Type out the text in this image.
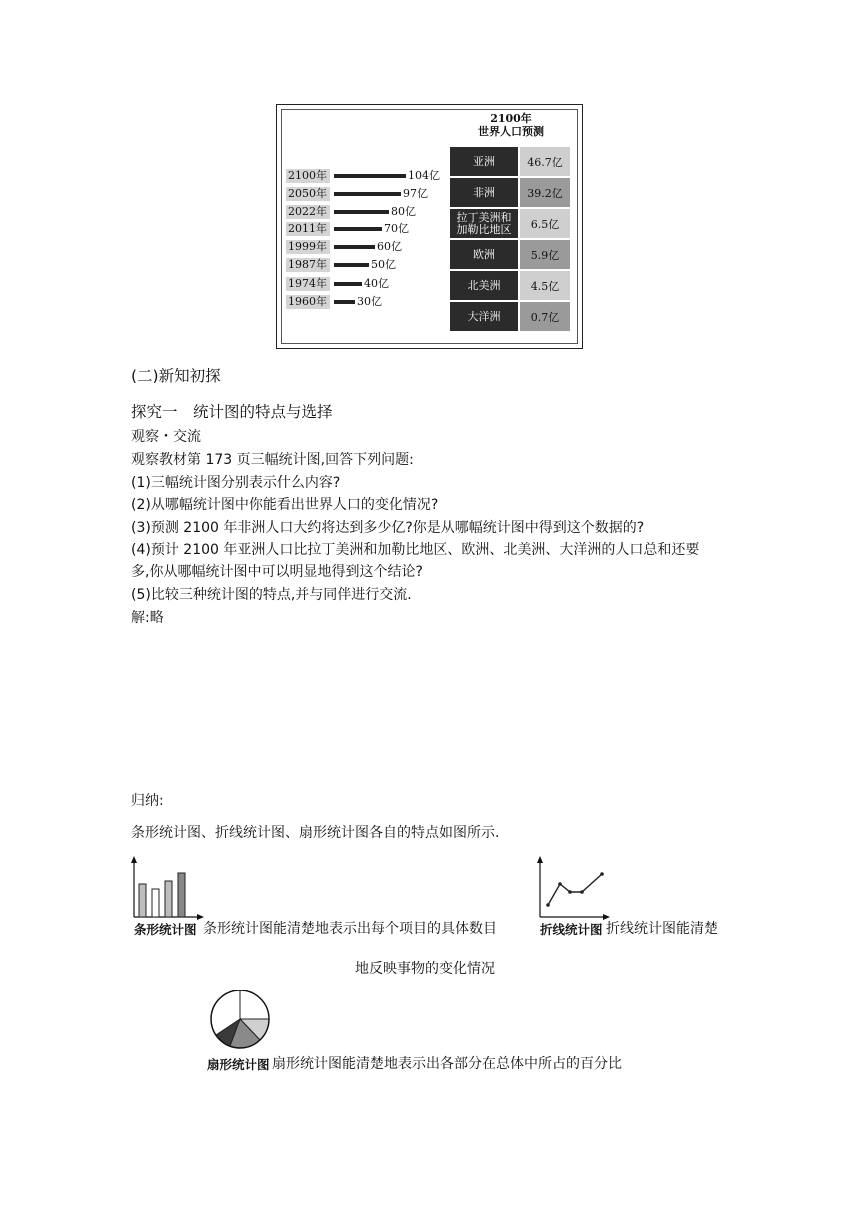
2100年	104亿
2050年	97亿
2022年	80亿
2011年	70亿
1999年	60亿
1987年	50亿
1974年	40亿
1960年	30亿
2100年
世界人口预测
亚洲	46.7亿
非洲	39.2亿
拉丁美洲和
加勒比地区	6.5亿
欧洲	5.9亿
北美洲	4.5亿
大洋洲	0.7亿
(二)新知初探
探究一　统计图的特点与选择
观察・交流
观察教材第 173 页三幅统计图,回答下列问题:
(1)三幅统计图分别表示什么内容?
(2)从哪幅统计图中你能看出世界人口的变化情况?
(3)预测 2100 年非洲人口大约将达到多少亿?你是从哪幅统计图中得到这个数据的?
(4)预计 2100 年亚洲人口比拉丁美洲和加勒比地区、欧洲、北美洲、大洋洲的人口总和还要
多,你从哪幅统计图中可以明显地得到这个结论?
(5)比较三种统计图的特点,并与同伴进行交流.
解:略
归纳:
条形统计图、折线统计图、扇形统计图各自的特点如图所示.
条形统计图 条形统计图能清楚地表示出每个项目的具体数目	折线统计图 折线统计图能清楚
地反映事物的变化情况
扇形统计图 扇形统计图能清楚地表示出各部分在总体中所占的百分比
